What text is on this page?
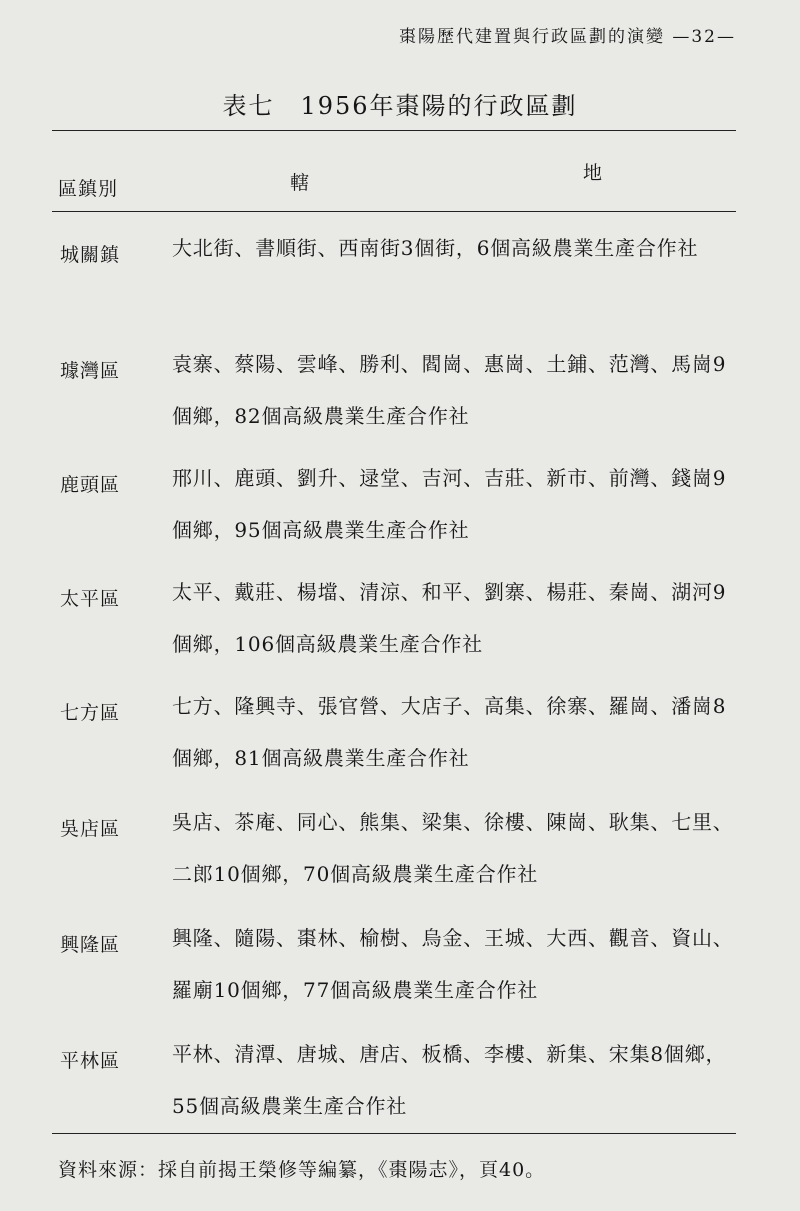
棗陽歷代建置與行政區劃的演變 —32—
表七　1956年棗陽的行政區劃
區鎮別	轄	地
城關鎮	大北街、書順街、西南街3個街，6個高級農業生產合作社
璩灣區	袁寨、蔡陽、雲峰、勝利、閻崗、惠崗、土鋪、范灣、馬崗9個鄉，82個高級農業生產合作社
鹿頭區	邢川、鹿頭、劉升、逯堂、吉河、吉莊、新市、前灣、錢崗9個鄉，95個高級農業生產合作社
太平區	太平、戴莊、楊壋、清涼、和平、劉寨、楊莊、秦崗、湖河9個鄉，106個高級農業生產合作社
七方區	七方、隆興寺、張官營、大店子、高集、徐寨、羅崗、潘崗8個鄉，81個高級農業生產合作社
吳店區	吳店、茶庵、同心、熊集、梁集、徐樓、陳崗、耿集、七里、二郎10個鄉，70個高級農業生產合作社
興隆區	興隆、隨陽、棗林、榆樹、烏金、王城、大西、觀音、資山、羅廟10個鄉，77個高級農業生產合作社
平林區	平林、清潭、唐城、唐店、板橋、李樓、新集、宋集8個鄉，55個高級農業生產合作社
資料來源：採自前揭王榮修等編纂，《棗陽志》，頁40。
